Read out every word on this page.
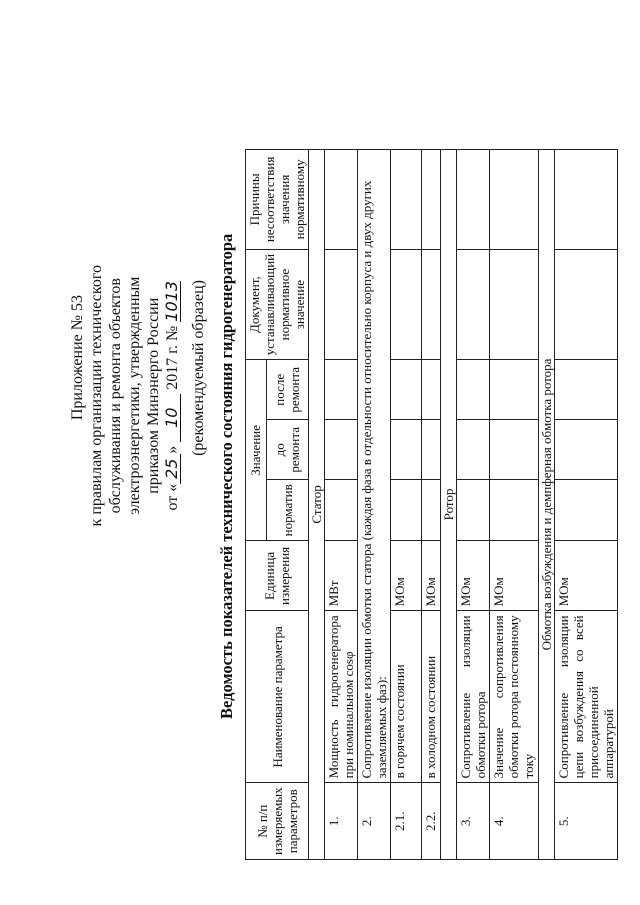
Приложение № 53 к правилам организации технического обслуживания и ремонта объектов электроэнергетики, утвержденным приказом Минэнерго России
от «25» 10 2017 г. № 1013 (рекомендуемый образец) Ведомость показателей технического состояния гидрогенератора
№ п/п измеряемых параметров	Наименование параметра	Единица измерения	Значение			Документ, устанавливающий нормативное значение	Причины несоответствия значения нормативному
			норматив	до ремонта	после ремонта		
Статор							
1.	Мощность гидрогенератора при номинальном cosφ	МВт					
2.	Сопротивление изоляции обмотки статора (каждая фаза в отдельности относительно корпуса и двух других заземляемых фаз):						
2.1.	в горячем состоянии	МОм					
2.2.	в холодном состоянии	МОм					
Ротор							
3.	Сопротивление изоляции обмотки ротора	МОм					
4.	Значение сопротивления обмотки ротора постоянному току	МОм					
Обмотка возбуждения и демпферная обмотка ротора							
5.	Сопротивление изоляции цепи возбуждения со всей присоединенной аппаратурой	МОм					
